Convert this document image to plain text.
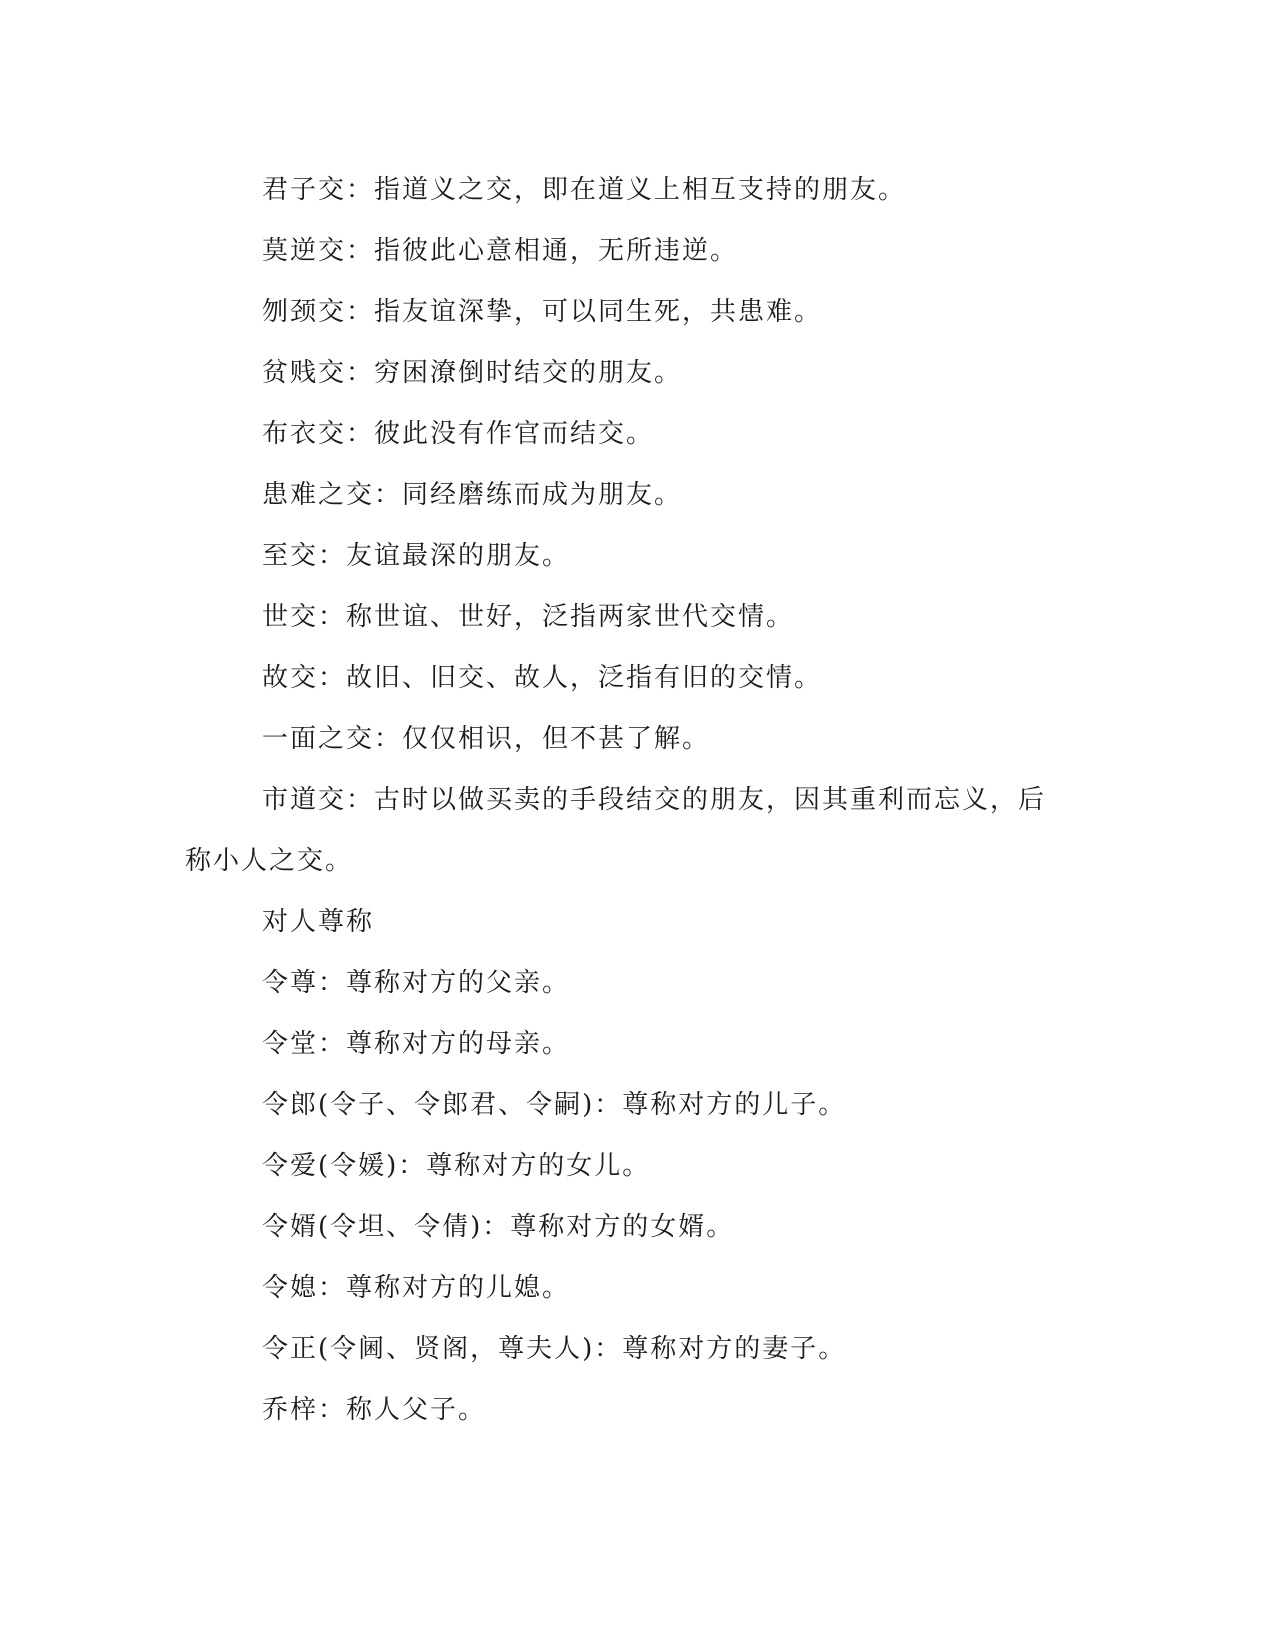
君子交：指道义之交，即在道义上相互支持的朋友。

莫逆交：指彼此心意相通，无所违逆。

刎颈交：指友谊深挚，可以同生死，共患难。

贫贱交：穷困潦倒时结交的朋友。

布衣交：彼此没有作官而结交。

患难之交：同经磨练而成为朋友。

至交：友谊最深的朋友。

世交：称世谊、世好，泛指两家世代交情。

故交：故旧、旧交、故人，泛指有旧的交情。

一面之交：仅仅相识，但不甚了解。

市道交：古时以做买卖的手段结交的朋友，因其重利而忘义，后称小人之交。

对人尊称

令尊：尊称对方的父亲。

令堂：尊称对方的母亲。

令郎(令子、令郎君、令嗣)：尊称对方的儿子。

令爱(令媛)：尊称对方的女儿。

令婿(令坦、令倩)：尊称对方的女婿。

令媳：尊称对方的儿媳。

令正(令阃、贤阁，尊夫人)：尊称对方的妻子。

乔梓：称人父子。
